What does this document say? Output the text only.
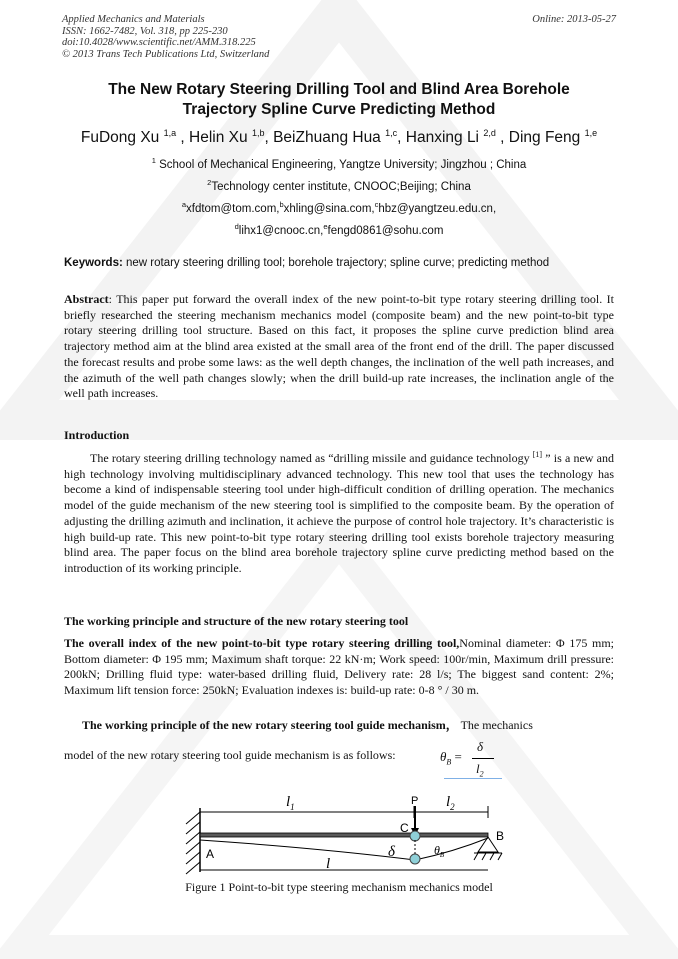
Applied Mechanics and Materials
ISSN: 1662-7482, Vol. 318, pp 225-230
doi:10.4028/www.scientific.net/AMM.318.225
© 2013 Trans Tech Publications Ltd, Switzerland
Online: 2013-05-27
The New Rotary Steering Drilling Tool and Blind Area Borehole
Trajectory Spline Curve Predicting Method
FuDong Xu $^{1,a}$ , Helin Xu $^{1,b}$, BeiZhuang Hua $^{1,c}$, Hanxing Li $^{2,d}$ , Ding Feng $^{1,e}$
$^1$ School of Mechanical Engineering, Yangtze University; Jingzhou ; China
$^2$Technology center institute, CNOOC;Beijing; China
$^a$xfdtom@tom.com,$^b$xhling@sina.com,$^c$hbz@yangtzeu.edu.cn,
$^d$lihx1@cnooc.cn,$^e$fengd0861@sohu.com
Keywords: new rotary steering drilling tool; borehole trajectory; spline curve; predicting method
Abstract: This paper put forward the overall index of the new point-to-bit type rotary steering drilling tool. It briefly researched the steering mechanism mechanics model (composite beam) and the new point-to-bit type rotary steering drilling tool structure. Based on this fact, it proposes the spline curve prediction blind area trajectory method aim at the blind area existed at the small area of the front end of the drill. The paper discussed the forecast results and probe some laws: as the well depth changes, the inclination of the well path increases, and the azimuth of the well path changes slowly; when the drill build-up rate increases, the inclination angle of the well path increases.
Introduction
The rotary steering drilling technology named as “drilling missile and guidance technology [1] ” is a new and high technology involving multidisciplinary advanced technology. This new tool that uses the technology has become a kind of indispensable steering tool under high-difficult condition of drilling operation. The mechanics model of the guide mechanism of the new steering tool is simplified to the composite beam. By the operation of adjusting the drilling azimuth and inclination, it achieve the purpose of control hole trajectory. It’s characteristic is high build-up rate. This new point-to-bit type rotary steering drilling tool exists borehole trajectory measuring blind area. The paper focus on the blind area borehole trajectory spline curve predicting method based on the introduction of its working principle.
The working principle and structure of the new rotary steering tool
The overall index of the new point-to-bit type rotary steering drilling tool,Nominal diameter: Φ 175 mm; Bottom diameter: Φ 195 mm; Maximum shaft torque: 22 kN·m; Work speed: 100r/min, Maximum drill pressure: 200kN; Drilling fluid type: water-based drilling fluid, Delivery rate: 28 l/s; The biggest sand content: 2%; Maximum lift tension force: 250kN; Evaluation indexes is: build-up rate: 0-8 ° / 30 m.
The working principle of the new rotary steering tool guide mechanism， The mechanics
model of the new rotary steering tool guide mechanism is as follows:	$\theta_B$ =
δ
$l_2$
$l_1$	$l_2$
P
C
δ	$\theta_B$
A
B
l
Figure 1 Point-to-bit type steering mechanism mechanics model
